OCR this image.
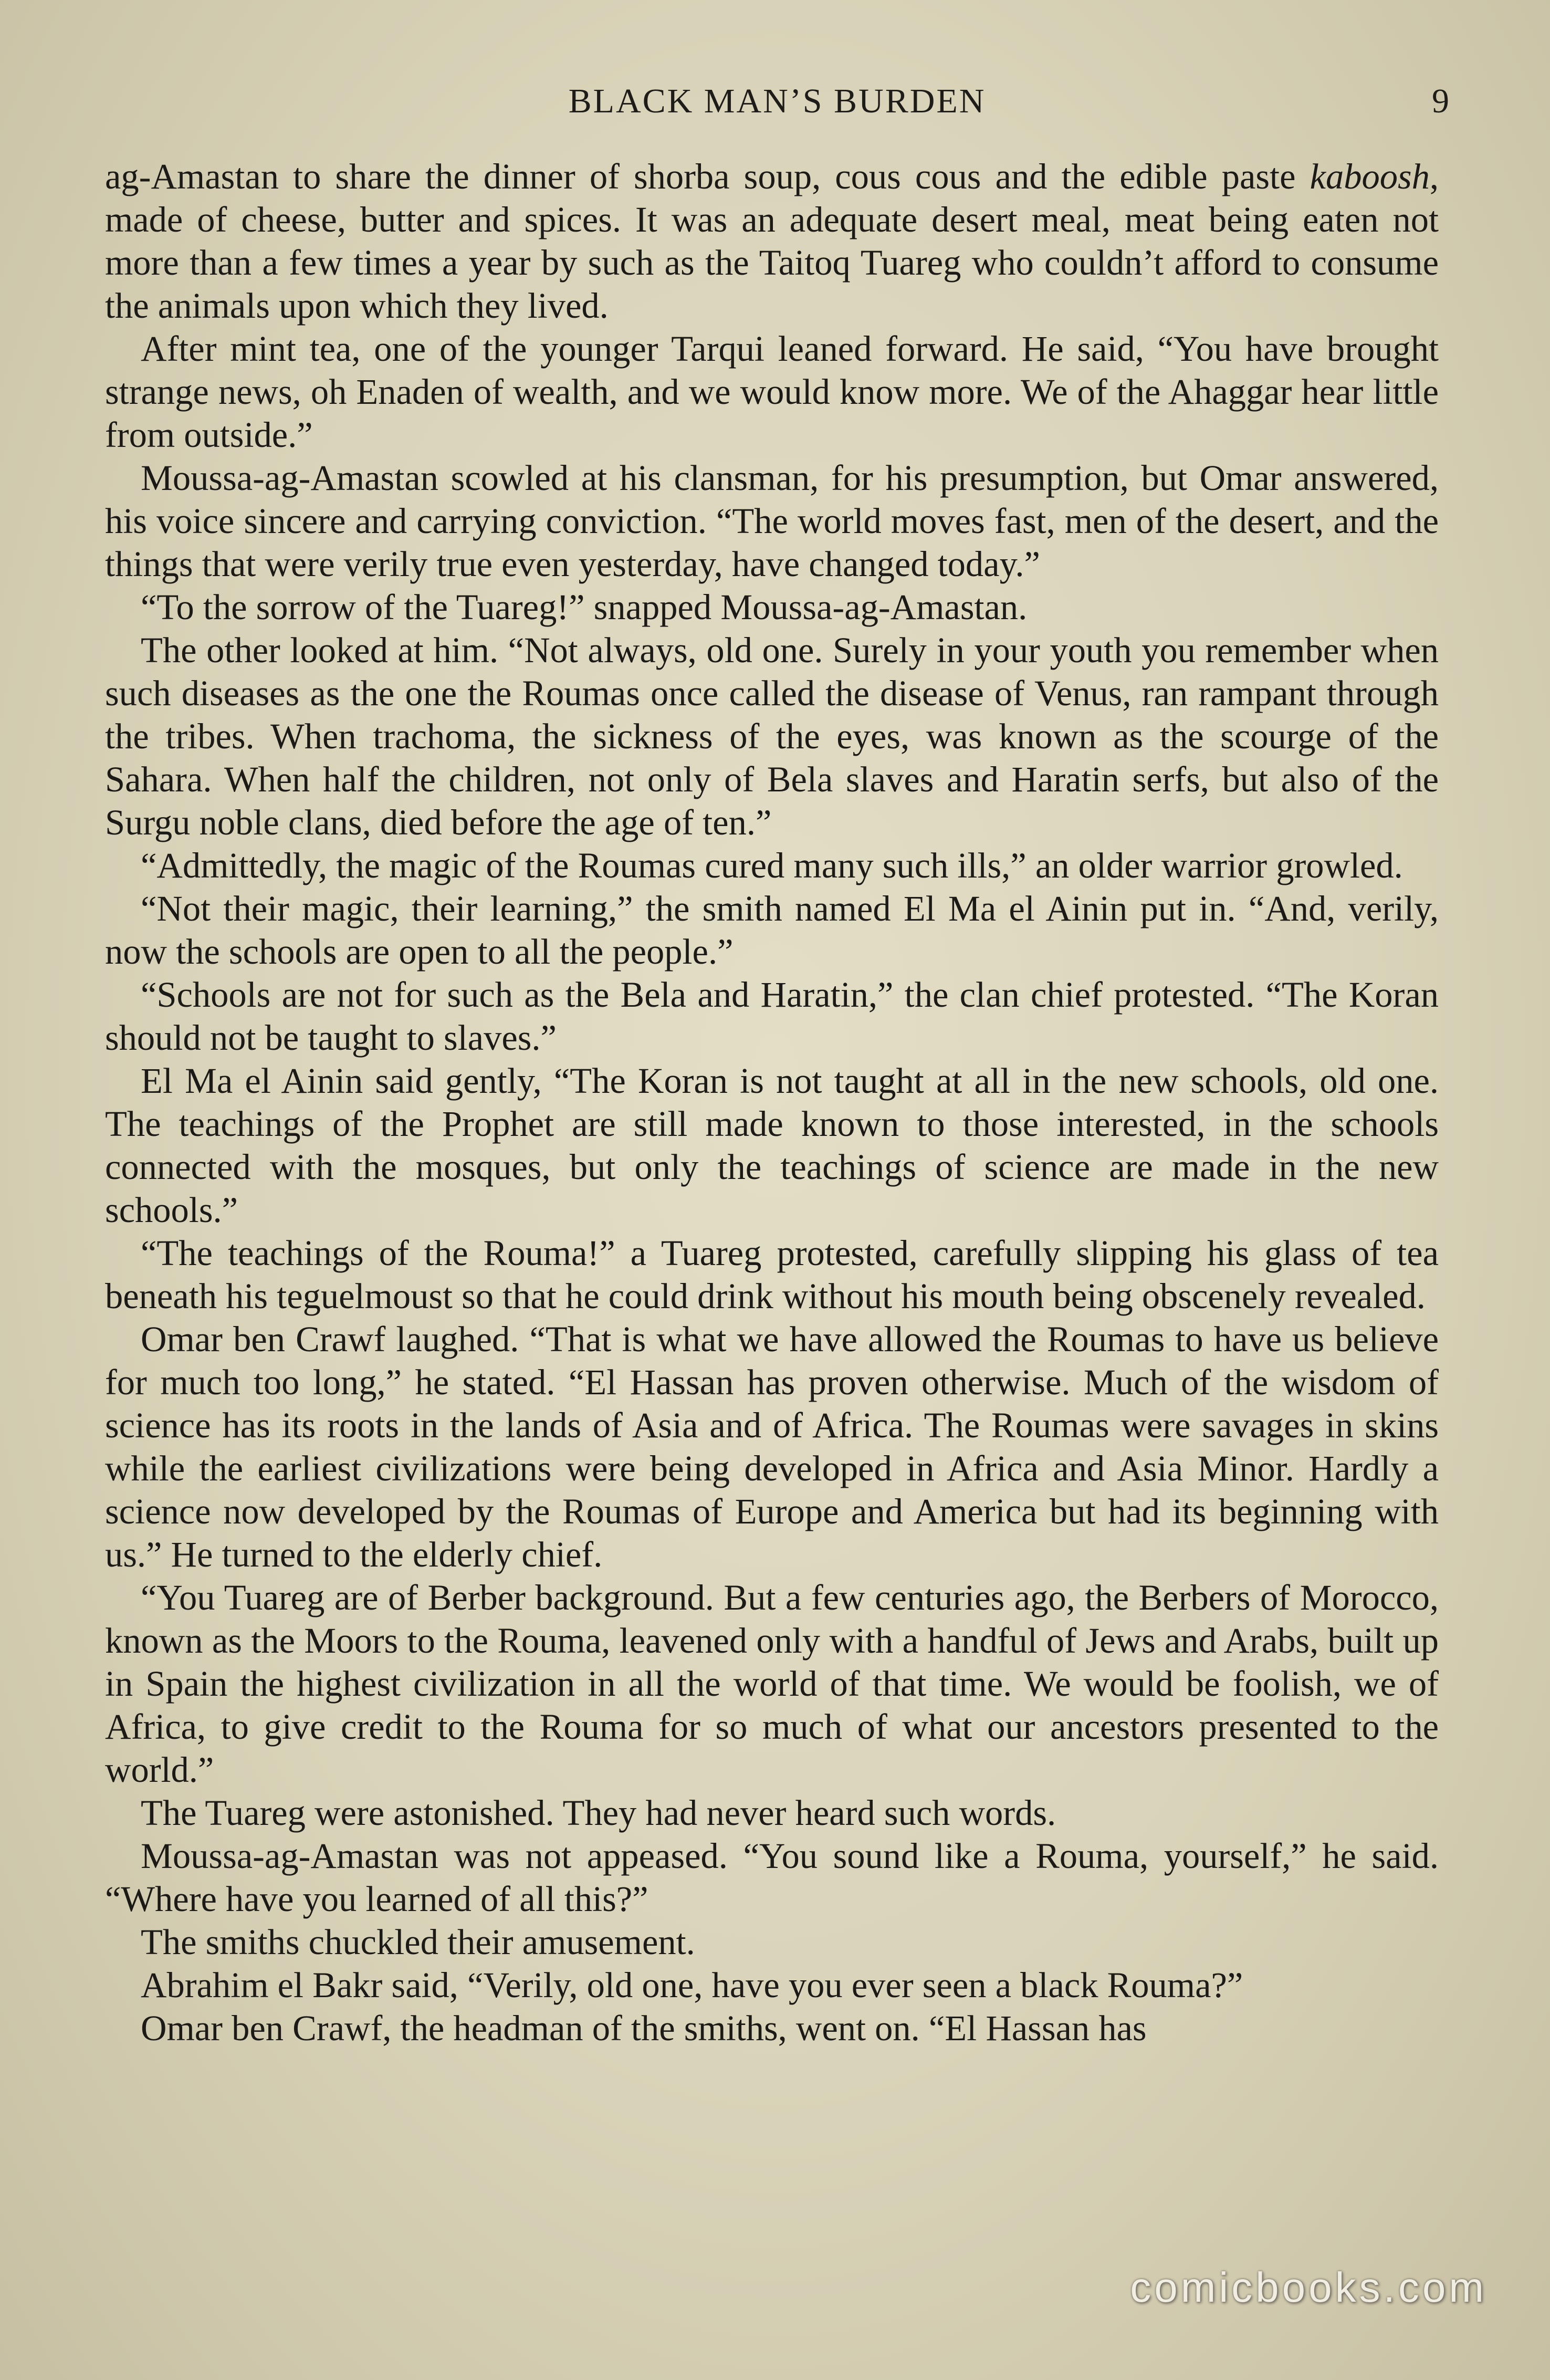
BLACK MAN’S BURDEN	9

ag-Amastan to share the dinner of shorba soup, cous cous and the edible paste kaboosh, made of cheese, butter and spices. It was an adequate desert meal, meat being eaten not more than a few times a year by such as the Taitoq Tuareg who couldn’t afford to consume the animals upon which they lived.

After mint tea, one of the younger Tarqui leaned forward. He said, “You have brought strange news, oh Enaden of wealth, and we would know more. We of the Ahaggar hear little from outside.”

Moussa-ag-Amastan scowled at his clansman, for his presumption, but Omar answered, his voice sincere and carrying conviction. “The world moves fast, men of the desert, and the things that were verily true even yesterday, have changed today.”

“To the sorrow of the Tuareg!” snapped Moussa-ag-Amastan.

The other looked at him. “Not always, old one. Surely in your youth you remember when such diseases as the one the Roumas once called the disease of Venus, ran rampant through the tribes. When trachoma, the sickness of the eyes, was known as the scourge of the Sahara. When half the children, not only of Bela slaves and Haratin serfs, but also of the Surgu noble clans, died before the age of ten.”

“Admittedly, the magic of the Roumas cured many such ills,” an older warrior growled.

“Not their magic, their learning,” the smith named El Ma el Ainin put in. “And, verily, now the schools are open to all the people.”

“Schools are not for such as the Bela and Haratin,” the clan chief protested. “The Koran should not be taught to slaves.”

El Ma el Ainin said gently, “The Koran is not taught at all in the new schools, old one. The teachings of the Prophet are still made known to those interested, in the schools connected with the mosques, but only the teachings of science are made in the new schools.”

“The teachings of the Rouma!” a Tuareg protested, carefully slipping his glass of tea beneath his teguelmoust so that he could drink without his mouth being obscenely revealed.

Omar ben Crawf laughed. “That is what we have allowed the Roumas to have us believe for much too long,” he stated. “El Hassan has proven otherwise. Much of the wisdom of science has its roots in the lands of Asia and of Africa. The Roumas were savages in skins while the earliest civilizations were being developed in Africa and Asia Minor. Hardly a science now developed by the Roumas of Europe and America but had its beginning with us.” He turned to the elderly chief.

“You Tuareg are of Berber background. But a few centuries ago, the Berbers of Morocco, known as the Moors to the Rouma, leavened only with a handful of Jews and Arabs, built up in Spain the highest civilization in all the world of that time. We would be foolish, we of Africa, to give credit to the Rouma for so much of what our ancestors presented to the world.”

The Tuareg were astonished. They had never heard such words.

Moussa-ag-Amastan was not appeased. “You sound like a Rouma, yourself,” he said. “Where have you learned of all this?”

The smiths chuckled their amusement.

Abrahim el Bakr said, “Verily, old one, have you ever seen a black Rouma?”

Omar ben Crawf, the headman of the smiths, went on. “El Hassan has

comicbooks.com
